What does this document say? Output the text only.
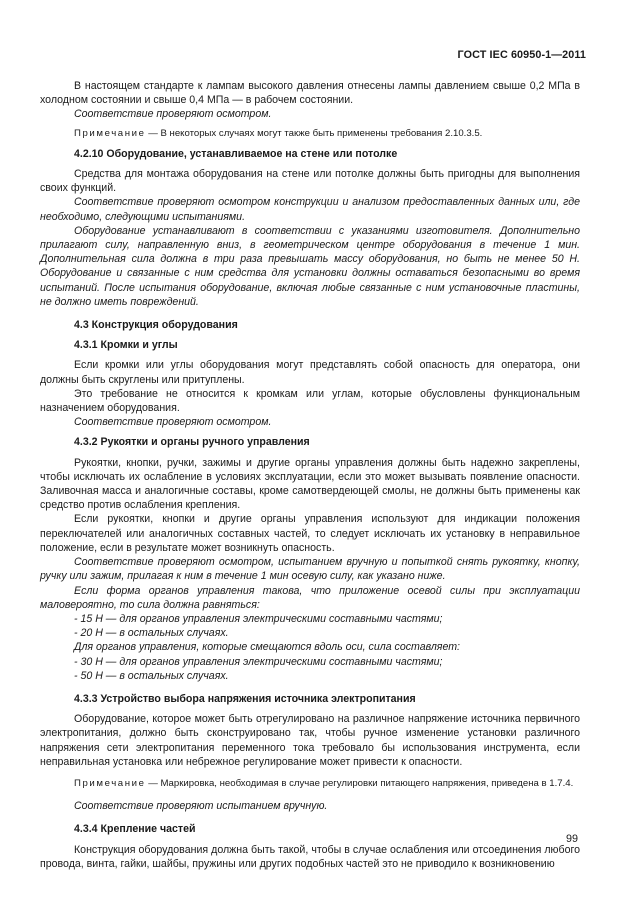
ГОСТ IEC 60950-1—2011

В настоящем стандарте к лампам высокого давления отнесены лампы давлением свыше 0,2 МПа в холодном состоянии и свыше 0,4 МПа — в рабочем состоянии.

Соответствие проверяют осмотром.

Примечание — В некоторых случаях могут также быть применены требования 2.10.3.5.

4.2.10 Оборудование, устанавливаемое на стене или потолке

Средства для монтажа оборудования на стене или потолке должны быть пригодны для выполнения своих функций.

Соответствие проверяют осмотром конструкции и анализом предоставленных данных или, где необходимо, следующими испытаниями.

Оборудование устанавливают в соответствии с указаниями изготовителя. Дополнительно прилагают силу, направленную вниз, в геометрическом центре оборудования в течение 1 мин. Дополнительная сила должна в три раза превышать массу оборудования, но быть не менее 50 Н. Оборудование и связанные с ним средства для установки должны оставаться безопасными во время испытаний. После испытания оборудование, включая любые связанные с ним установочные пластины, не должно иметь повреждений.

4.3 Конструкция оборудования

4.3.1 Кромки и углы

Если кромки или углы оборудования могут представлять собой опасность для оператора, они должны быть скруглены или притуплены.

Это требование не относится к кромкам или углам, которые обусловлены функциональным назначением оборудования.

Соответствие проверяют осмотром.

4.3.2 Рукоятки и органы ручного управления

Рукоятки, кнопки, ручки, зажимы и другие органы управления должны быть надежно закреплены, чтобы исключать их ослабление в условиях эксплуатации, если это может вызывать появление опасности. Заливочная масса и аналогичные составы, кроме самотвердеющей смолы, не должны быть применены как средство против ослабления крепления.

Если рукоятки, кнопки и другие органы управления используют для индикации положения переключателей или аналогичных составных частей, то следует исключать их установку в неправильное положение, если в результате может возникнуть опасность.

Соответствие проверяют осмотром, испытанием вручную и попыткой снять рукоятку, кнопку, ручку или зажим, прилагая к ним в течение 1 мин осевую силу, как указано ниже.

Если форма органов управления такова, что приложение осевой силы при эксплуатации маловероятно, то сила должна равняться:

- 15 Н — для органов управления электрическими составными частями;

- 20 Н — в остальных случаях.

Для органов управления, которые смещаются вдоль оси, сила составляет:

- 30 Н — для органов управления электрическими составными частями;

- 50 Н — в остальных случаях.

4.3.3 Устройство выбора напряжения источника электропитания

Оборудование, которое может быть отрегулировано на различное напряжение источника первичного электропитания, должно быть сконструировано так, чтобы ручное изменение установки различного напряжения сети электропитания переменного тока требовало бы использования инструмента, если неправильная установка или небрежное регулирование может привести к опасности.

Примечание — Маркировка, необходимая в случае регулировки питающего напряжения, приведена в 1.7.4.

Соответствие проверяют испытанием вручную.

4.3.4 Крепление частей

Конструкция оборудования должна быть такой, чтобы в случае ослабления или отсоединения любого провода, винта, гайки, шайбы, пружины или других подобных частей это не приводило к возникновению

99
